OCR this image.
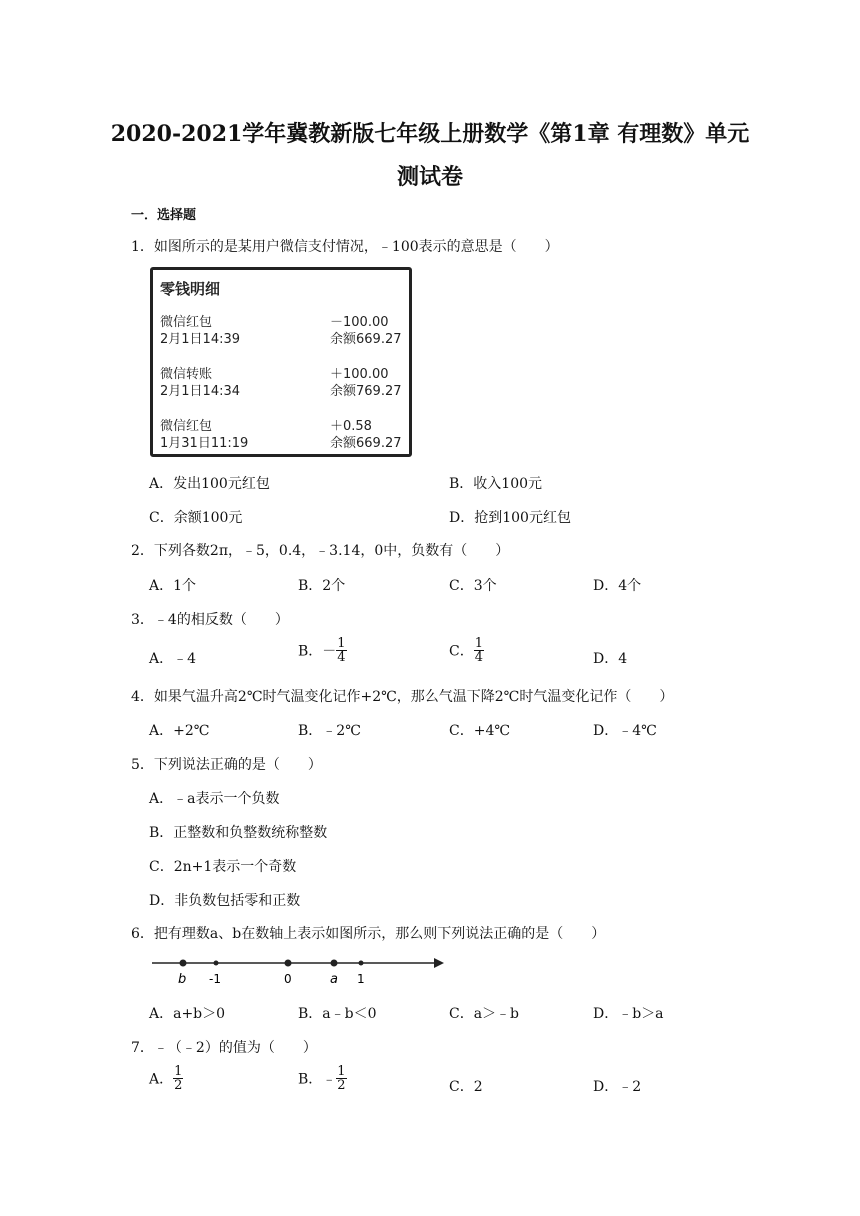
2020-2021学年冀教新版七年级上册数学《第1章 有理数》单元
测试卷
一．选择题
1．如图所示的是某用户微信支付情况，﹣100表示的意思是（　　）
零钱明细
微信红包	－100.00
2月1日14:39	余额669.27
微信转账	＋100.00
2月1日14:34	余额769.27
微信红包	＋0.58
1月31日11:19	余额669.27
A．发出100元红包	B．收入100元
C．余额100元	D．抢到100元红包
2．下列各数2π，﹣5，0.4，﹣3.14，0中，负数有（　　）
A．1个	B．2个	C．3个	D．4个
3．﹣4的相反数（　　）
A．﹣4	B．－ $\frac{1}{4}$	C． $\frac{1}{4}$	D．4
4．如果气温升高2℃时气温变化记作+2℃，那么气温下降2℃时气温变化记作（　　）
A．+2℃	B．﹣2℃	C．+4℃	D．﹣4℃
5．下列说法正确的是（　　）
A．﹣a表示一个负数
B．正整数和负整数统称整数
C．2n+1表示一个奇数
D．非负数包括零和正数
6．把有理数a、b在数轴上表示如图所示，那么则下列说法正确的是（　　）
b -1	0	a 1
A．a+b＞0	B．a﹣b＜0	C．a＞﹣b	D．﹣b＞a
7．﹣（﹣2）的值为（　　）
A． $\frac{1}{2}$	B．﹣ $\frac{1}{2}$	C．2	D．﹣2
